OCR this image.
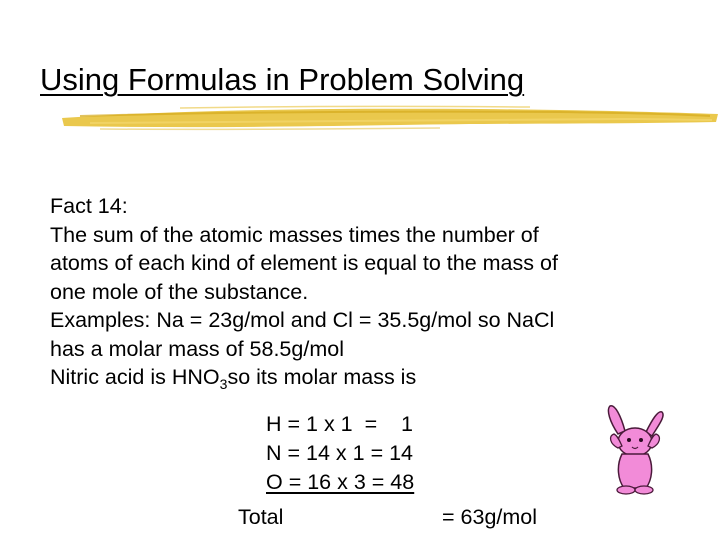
Using Formulas in Problem Solving

Fact 14:

The sum of the atomic masses times the number of

atoms of each kind of element is equal to the mass of

one mole of the substance.

Examples: Na = 23g/mol and Cl = 35.5g/mol so NaCl

has a molar mass of 58.5g/mol

Nitric acid is $HNO_3so$ its molar mass is

H = 1 x 1  =    1

N = 14 x 1 = 14

O = 16 x 3 = 48

Total	= 63g/mol
